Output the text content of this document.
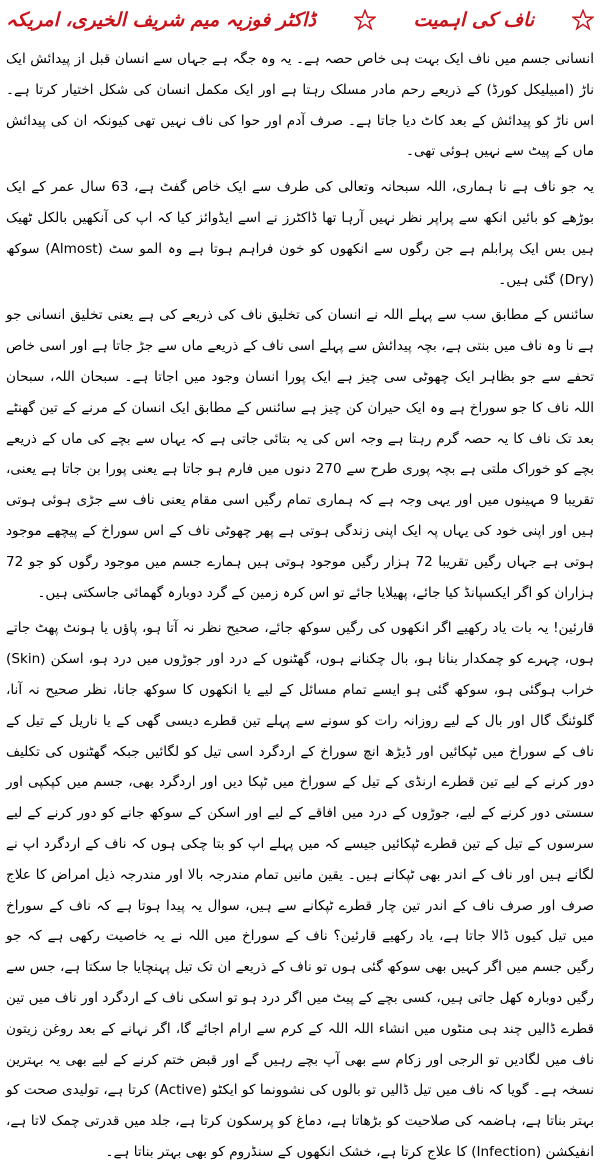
ناف کی اہمیت
ڈاکٹر فوزیہ میم شریف الخیری، امریکہ

انسانی جسم میں ناف ایک بہت ہی خاص حصہ ہے۔ یہ وہ جگہ ہے جہاں سے انسان قبل از پیدائش ایک ناڑ (امبیلیکل کورڈ) کے ذریعے رحم مادر مسلک رہتا ہے اور ایک مکمل انسان کی شکل اختیار کرتا ہے۔ اس ناڑ کو پیدائش کے بعد کاٹ دیا جاتا ہے۔ صرف آدم اور حوا کی ناف نہیں تھی کیونکہ ان کی پیدائش ماں کے پیٹ سے نہیں ہوئی تھی۔

یہ جو ناف ہے نا ہماری، اللہ سبحانہ وتعالی کی طرف سے ایک خاص گفٹ ہے، 63 سال عمر کے ایک بوڑھے کو بائیں انکھ سے پراپر نظر نہیں آرہا تھا ڈاکٹرز نے اسے ایڈوائز کیا کہ اپ کی آنکھیں بالکل ٹھیک ہیں بس ایک پرابلم ہے جن رگوں سے انکھوں کو خون فراہم ہوتا ہے وہ المو سٹ (Almost) سوکھ (Dry) گئی ہیں۔

سائنس کے مطابق سب سے پہلے اللہ نے انسان کی تخلیق ناف کی ذریعے کی ہے یعنی تخلیق انسانی جو ہے نا وہ ناف میں بنتی ہے، بچہ پیدائش سے پہلے اسی ناف کے ذریعے ماں سے جڑ جاتا ہے اور اسی خاص تحفے سے جو بظاہر ایک چھوٹی سی چیز ہے ایک پورا انسان وجود میں اجاتا ہے۔ سبحان اللہ، سبحان اللہ ناف کا جو سوراخ ہے وہ ایک حیران کن چیز ہے سائنس کے مطابق ایک انسان کے مرنے کے تین گھنٹے بعد تک ناف کا یہ حصہ گرم رہتا ہے وجہ اس کی یہ بتائی جاتی ہے کہ یہاں سے بچے کی ماں کے ذریعے بچے کو خوراک ملتی ہے بچہ پوری طرح سے 270 دنوں میں فارم ہو جاتا ہے یعنی پورا بن جاتا ہے یعنی، تقریبا 9 مہینوں میں اور یہی وجہ ہے کہ ہماری تمام رگیں اسی مقام یعنی ناف سے جڑی ہوئی ہوتی ہیں اور اپنی خود کی یہاں پہ ایک اپنی زندگی ہوتی ہے پھر چھوٹی ناف کے اس سوراخ کے پیچھے موجود ہوتی ہے جہاں رگیں تقریبا 72 ہزار رگیں موجود ہوتی ہیں ہمارے جسم میں موجود رگوں کو جو 72 ہزاران کو اگر ایکسپانڈ کیا جائے، پھیلایا جائے تو اس کرہ زمین کے گرد دوبارہ گھمائی جاسکتی ہیں۔

قارئین! یہ بات یاد رکھیے اگر انکھوں کی رگیں سوکھ جائے، صحیح نظر نہ آتا ہو، پاؤں یا ہونٹ پھٹ جاتے ہوں، چہرے کو چمکدار بنانا ہو، بال چکنانے ہوں، گھٹنوں کے درد اور جوڑوں میں درد ہو، اسکن (Skin) خراب ہوگئی ہو، سوکھ گئی ہو ایسے تمام مسائل کے لیے یا انکھوں کا سوکھ جانا، نظر صحیح نہ آنا، گلوئنگ گال اور بال کے لیے روزانہ رات کو سونے سے پہلے تین قطرے دیسی گھی کے یا ناریل کے تیل کے ناف کے سوراخ میں ٹپکائیں اور ڈیڑھ انچ سوراخ کے اردگرد اسی تیل کو لگائیں جبکہ گھٹنوں کی تکلیف دور کرنے کے لیے تین قطرے ارنڈی کے تیل کے سوراخ میں ٹپکا دیں اور اردگرد بھی، جسم میں کپکپی اور سستی دور کرنے کے لیے، جوڑوں کے درد میں افاقے کے لیے اور اسکن کے سوکھ جانے کو دور کرنے کے لیے سرسوں کے تیل کے تین قطرے ٹپکائیں جیسے کہ میں پہلے اپ کو بتا چکی ہوں کہ ناف کے اردگرد اپ نے لگانے ہیں اور ناف کے اندر بھی ٹپکانے ہیں۔ یقین مانیں تمام مندرجہ بالا اور مندرجہ ذیل امراض کا علاج صرف اور صرف ناف کے اندر تین چار قطرے ٹپکانے سے ہیں، سوال یہ پیدا ہوتا ہے کہ ناف کے سوراخ میں تیل کیوں ڈالا جاتا ہے، یاد رکھیے قارئین؟ ناف کے سوراخ میں اللہ نے یہ خاصیت رکھی ہے کہ جو رگیں جسم میں اگر کہیں بھی سوکھ گئی ہوں تو ناف کے ذریعے ان تک تیل پہنچایا جا سکتا ہے، جس سے رگیں دوبارہ کھل جاتی ہیں، کسی بچے کے پیٹ میں اگر درد ہو تو اسکی ناف کے اردگرد اور ناف میں تین قطرے ڈالیں چند ہی منٹوں میں انشاء اللہ اللہ کے کرم سے ارام اجائے گا، اگر نہانے کے بعد روغن زیتون ناف میں لگادیں تو الرجی اور زکام سے بھی آپ بچے رہیں گے اور قبض ختم کرنے کے لیے بھی یہ بہترین نسخہ ہے۔ گویا کہ ناف میں تیل ڈالیں تو بالوں کی نشوونما کو ایکٹو (Active) کرتا ہے، تولیدی صحت کو بہتر بناتا ہے، ہاضمہ کی صلاحیت کو بڑھاتا ہے، دماغ کو پرسکون کرتا ہے، جلد میں قدرتی چمک لاتا ہے، انفیکشن (Infection) کا علاج کرتا ہے، خشک انکھوں کے سنڈروم کو بھی بہتر بناتا ہے۔
